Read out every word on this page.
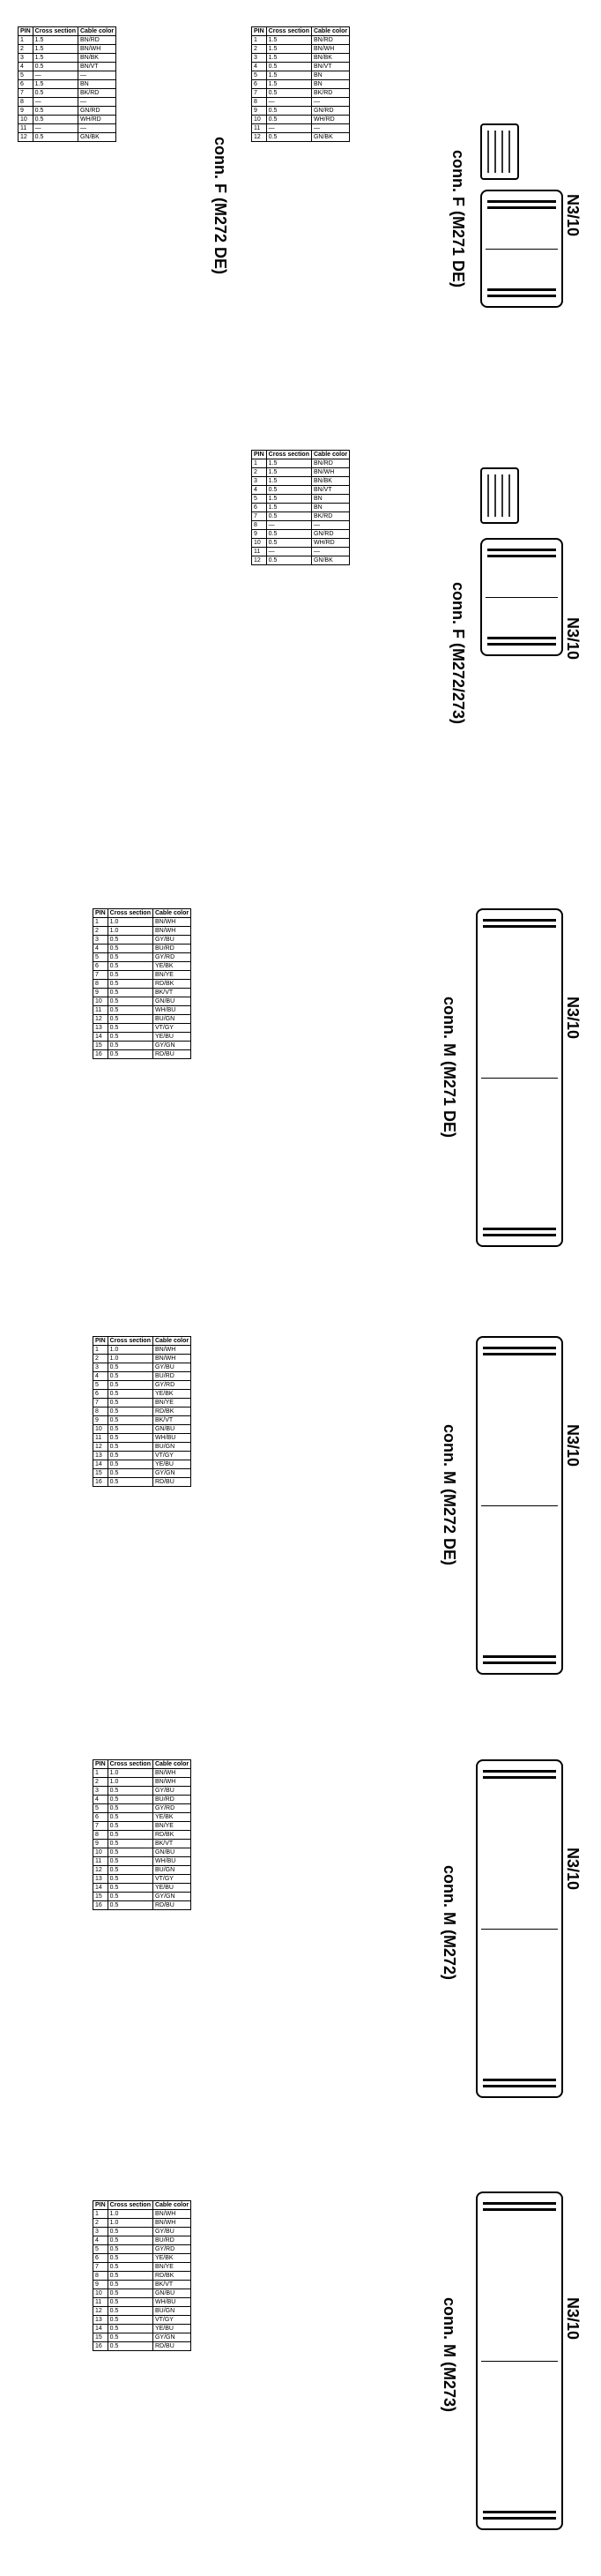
N3/10
conn. F (M271 DE)
conn. F (M272 DE)
PIN	Cross section	Cable color
1	1.5	BN/RD
2	1.5	BN/WH
3	1.5	BN/BK
4	0.5	BN/VT
5	1.5	BN
6	1.5	BN
7	0.5	BK/RD
8	—	—
9	0.5	GN/RD
10	0.5	WH/RD
11	—	—
12	0.5	GN/BK
PIN	Cross section	Cable color
1	1.5	BN/RD
2	1.5	BN/WH
3	1.5	BN/BK
4	0.5	BN/VT
5	—	—
6	1.5	BN
7	0.5	BK/RD
8	—	—
9	0.5	GN/RD
10	0.5	WH/RD
11	—	—
12	0.5	GN/BK
N3/10
conn. F (M272/273)
PIN	Cross section	Cable color
1	1.5	BN/RD
2	1.5	BN/WH
3	1.5	BN/BK
4	0.5	BN/VT
5	1.5	BN
6	1.5	BN
7	0.5	BK/RD
8	—	—
9	0.5	GN/RD
10	0.5	WH/RD
11	—	—
12	0.5	GN/BK
N3/10
conn. M (M271 DE)
PIN	Cross section	Cable color
1	1.0	BN/WH
2	1.0	BN/WH
3	0.5	GY/BU
4	0.5	BU/RD
5	0.5	GY/RD
6	0.5	YE/BK
7	0.5	BN/YE
8	0.5	RD/BK
9	0.5	BK/VT
10	0.5	GN/BU
11	0.5	WH/BU
12	0.5	BU/GN
13	0.5	VT/GY
14	0.5	YE/BU
15	0.5	GY/GN
16	0.5	RD/BU
N3/10
conn. M (M272 DE)
PIN	Cross section	Cable color
1	1.0	BN/WH
2	1.0	BN/WH
3	0.5	GY/BU
4	0.5	BU/RD
5	0.5	GY/RD
6	0.5	YE/BK
7	0.5	BN/YE
8	0.5	RD/BK
9	0.5	BK/VT
10	0.5	GN/BU
11	0.5	WH/BU
12	0.5	BU/GN
13	0.5	VT/GY
14	0.5	YE/BU
15	0.5	GY/GN
16	0.5	RD/BU
N3/10
conn. M (M272)
PIN	Cross section	Cable color
1	1.0	BN/WH
2	1.0	BN/WH
3	0.5	GY/BU
4	0.5	BU/RD
5	0.5	GY/RD
6	0.5	YE/BK
7	0.5	BN/YE
8	0.5	RD/BK
9	0.5	BK/VT
10	0.5	GN/BU
11	0.5	WH/BU
12	0.5	BU/GN
13	0.5	VT/GY
14	0.5	YE/BU
15	0.5	GY/GN
16	0.5	RD/BU
N3/10
conn. M (M273)
PIN	Cross section	Cable color
1	1.0	BN/WH
2	1.0	BN/WH
3	0.5	GY/BU
4	0.5	BU/RD
5	0.5	GY/RD
6	0.5	YE/BK
7	0.5	BN/YE
8	0.5	RD/BK
9	0.5	BK/VT
10	0.5	GN/BU
11	0.5	WH/BU
12	0.5	BU/GN
13	0.5	VT/GY
14	0.5	YE/BU
15	0.5	GY/GN
16	0.5	RD/BU
